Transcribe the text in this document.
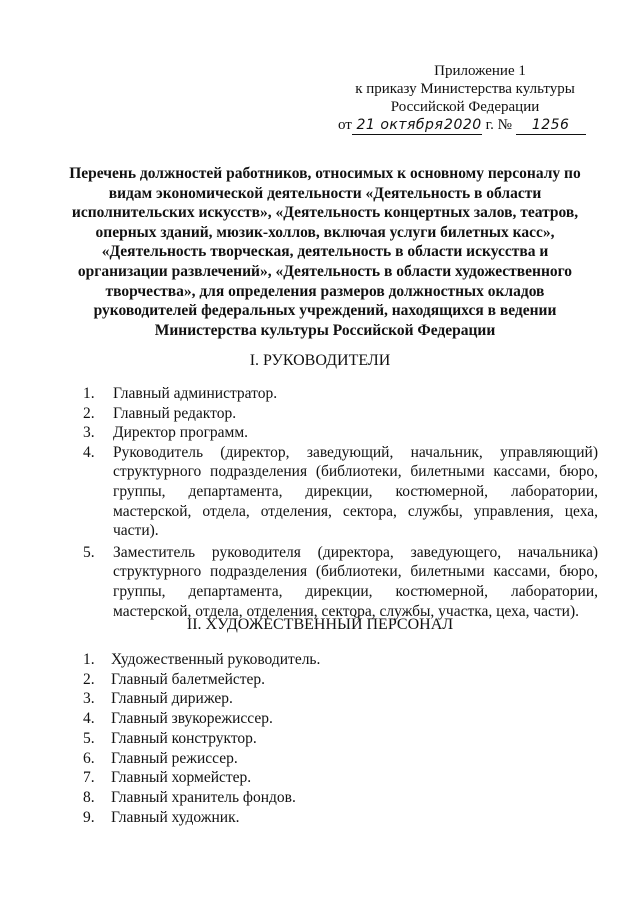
Приложение 1
к приказу Министерства культуры
Российской Федерации
от 21 октября2020 г. № 1256
Перечень должностей работников, относимых к основному персоналу по видам экономической деятельности «Деятельность в области исполнительских искусств», «Деятельность концертных залов, театров, оперных зданий, мюзик-холлов, включая услуги билетных касс», «Деятельность творческая, деятельность в области искусства и организации развлечений», «Деятельность в области художественного творчества», для определения размеров должностных окладов руководителей федеральных учреждений, находящихся в ведении Министерства культуры Российской Федерации
I. РУКОВОДИТЕЛИ
1. Главный администратор.
2. Главный редактор.
3. Директор программ.
4. Руководитель (директор, заведующий, начальник, управляющий) структурного подразделения (библиотеки, билетными кассами, бюро, группы, департамента, дирекции, костюмерной, лаборатории, мастерской, отдела, отделения, сектора, службы, управления, цеха, части).
5. Заместитель руководителя (директора, заведующего, начальника) структурного подразделения (библиотеки, билетными кассами, бюро, группы, департамента, дирекции, костюмерной, лаборатории, мастерской, отдела, отделения, сектора, службы, участка, цеха, части).
II. ХУДОЖЕСТВЕННЫЙ ПЕРСОНАЛ
1. Художественный руководитель.
2. Главный балетмейстер.
3. Главный дирижер.
4. Главный звукорежиссер.
5. Главный конструктор.
6. Главный режиссер.
7. Главный хормейстер.
8. Главный хранитель фондов.
9. Главный художник.
